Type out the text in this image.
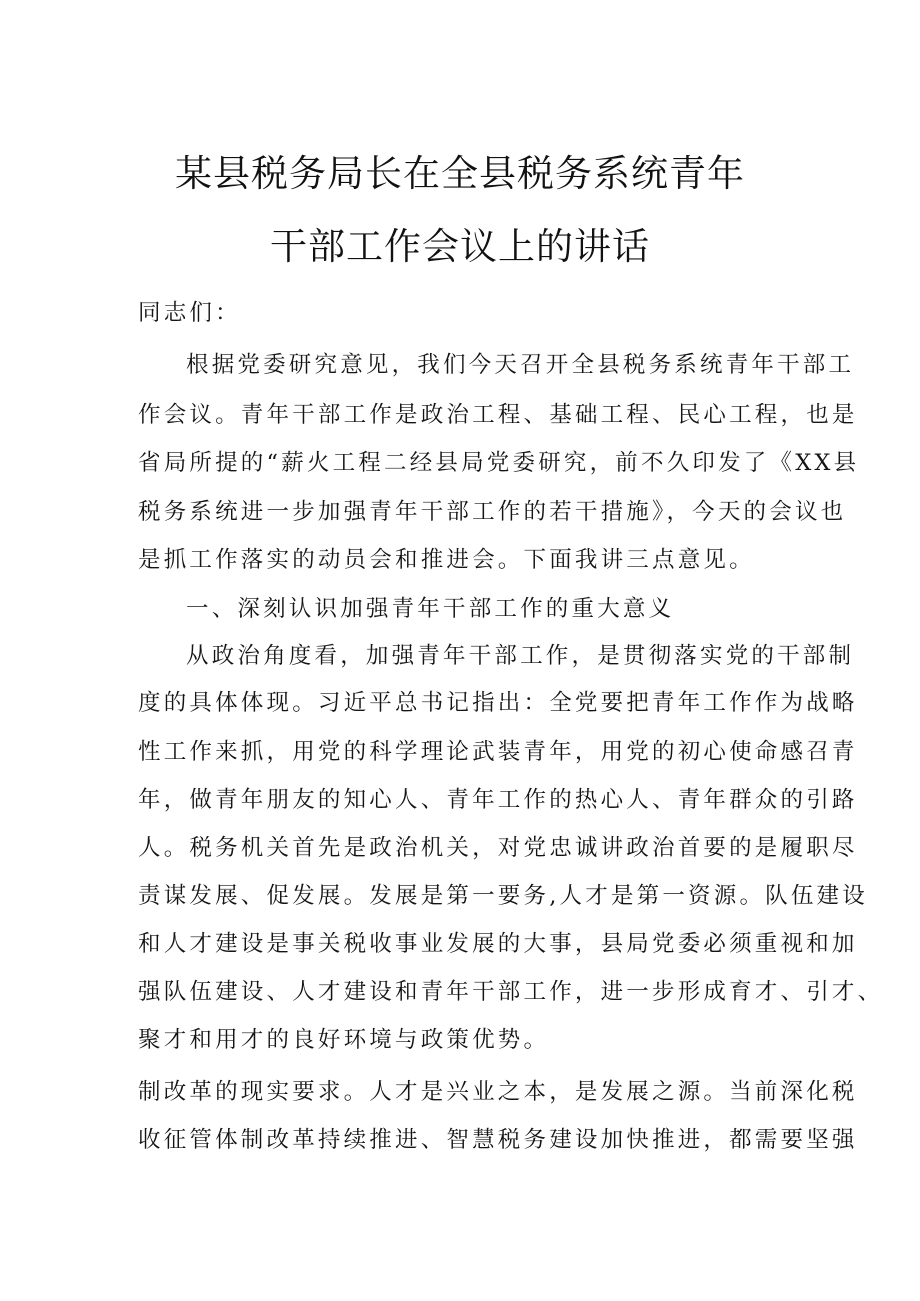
某县税务局长在全县税务系统青年
干部工作会议上的讲话
同志们：
根据党委研究意见，我们今天召开全县税务系统青年干部工
作会议。青年干部工作是政治工程、基础工程、民心工程，也是
省局所提的“薪火工程二经县局党委研究，前不久印发了《XX县
税务系统进一步加强青年干部工作的若干措施》，今天的会议也
是抓工作落实的动员会和推进会。下面我讲三点意见。
一、深刻认识加强青年干部工作的重大意义
从政治角度看，加强青年干部工作，是贯彻落实党的干部制
度的具体体现。习近平总书记指出：全党要把青年工作作为战略
性工作来抓，用党的科学理论武装青年，用党的初心使命感召青
年，做青年朋友的知心人、青年工作的热心人、青年群众的引路
人。税务机关首先是政治机关，对党忠诚讲政治首要的是履职尽
责谋发展、促发展。发展是第一要务,人才是第一资源。队伍建设
和人才建设是事关税收事业发展的大事，县局党委必须重视和加
强队伍建设、人才建设和青年干部工作，进一步形成育才、引才、
聚才和用才的良好环境与政策优势。
制改革的现实要求。人才是兴业之本，是发展之源。当前深化税
收征管体制改革持续推进、智慧税务建设加快推进，都需要坚强
